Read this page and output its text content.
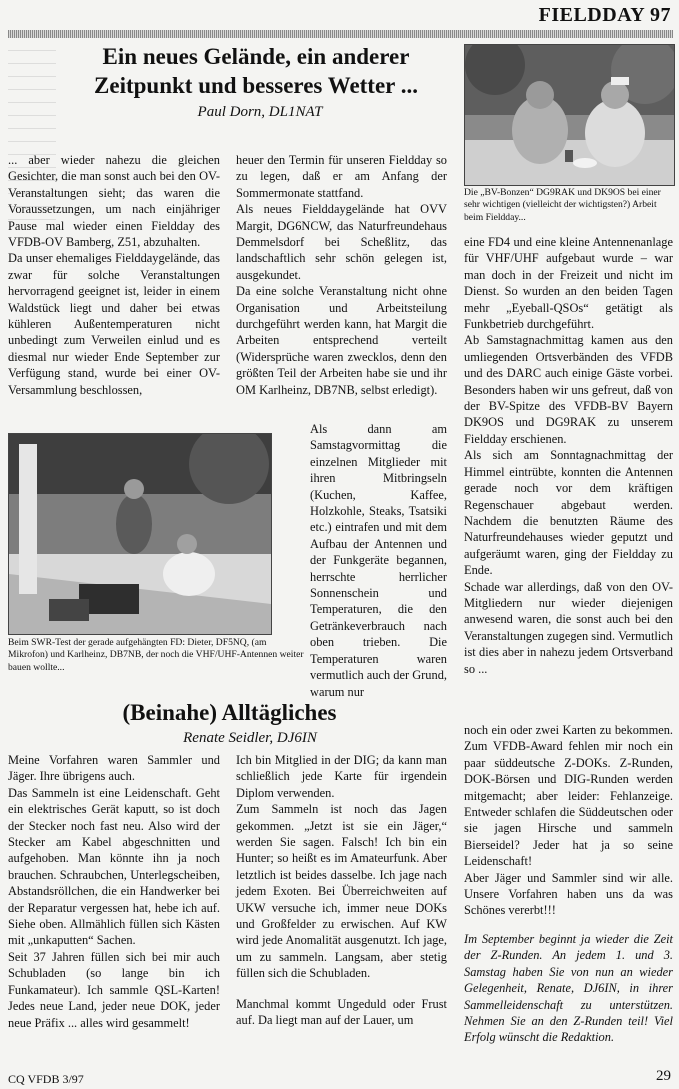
FIELDDAY 97
Ein neues Gelände, ein anderer
Zeitpunkt und besseres Wetter ...
Paul Dorn, DL1NAT
Die „BV-Bonzen“ DG9RAK und DK9OS bei einer sehr wichtigen (vielleicht der wichtigsten?) Arbeit beim Fieldday...

... aber wieder nahezu die gleichen Gesichter, die man sonst auch bei den OV-Veranstaltungen sieht; das waren die Voraussetzungen, um nach einjähriger Pause mal wieder einen Fieldday des VFDB-OV Bamberg, Z51, abzuhalten.

Da unser ehemaliges Fielddaygelände, das zwar für solche Veranstaltungen hervorragend geeignet ist, leider in einem Waldstück liegt und daher bei etwas kühleren Außentemperaturen nicht unbedingt zum Verweilen einlud und es diesmal nur wieder Ende September zur Verfügung stand, wurde bei einer OV-Versammlung beschlossen,

heuer den Termin für unseren Fieldday so zu legen, daß er am Anfang der Sommermonate stattfand.

Als neues Fielddaygelände hat OVV Margit, DG6NCW, das Naturfreundehaus Demmelsdorf bei Scheßlitz, das landschaftlich sehr schön gelegen ist, ausgekundet.

Da eine solche Veranstaltung nicht ohne Organisation und Arbeitsteilung durchgeführt werden kann, hat Margit die Arbeiten entsprechend verteilt (Widersprüche waren zwecklos, denn den größten Teil der Arbeiten habe sie und ihr OM Karlheinz, DB7NB, selbst erledigt).

Beim SWR-Test der gerade aufgehängten FD: Dieter, DF5NQ, (am Mikrofon) und Karlheinz, DB7NB, der noch die VHF/UHF-Antennen weiter bauen wollte...

Als dann am Samstagvormittag die einzelnen Mitglieder mit ihren Mitbringseln (Kuchen, Kaffee, Holzkohle, Steaks, Tsatsiki etc.) eintrafen und mit dem Aufbau der Antennen und der Funkgeräte begannen, herrschte herrlicher Sonnenschein und Temperaturen, die den Getränkeverbrauch nach oben trieben. Die Temperaturen waren vermutlich auch der Grund, warum nur

eine FD4 und eine kleine Antennenanlage für VHF/UHF aufgebaut wurde – war man doch in der Freizeit und nicht im Dienst. So wurden an den beiden Tagen mehr „Eyeball-QSOs“ getätigt als Funkbetrieb durchgeführt.

Ab Samstagnachmittag kamen aus den umliegenden Ortsverbänden des VFDB und des DARC auch einige Gäste vorbei. Besonders haben wir uns gefreut, daß von der BV-Spitze des VFDB-BV Bayern DK9OS und DG9RAK zu unserem Fieldday erschienen.

Als sich am Sonntagnachmittag der Himmel eintrübte, konnten die Antennen gerade noch vor dem kräftigen Regenschauer abgebaut werden. Nachdem die benutzten Räume des Naturfreundehauses wieder geputzt und aufgeräumt waren, ging der Fieldday zu Ende.

Schade war allerdings, daß von den OV-Mitgliedern nur wieder diejenigen anwesend waren, die sonst auch bei den Veranstaltungen zugegen sind. Vermutlich ist dies aber in nahezu jedem Ortsverband so ...

(Beinahe) Alltägliches
Renate Seidler, DJ6IN

Meine Vorfahren waren Sammler und Jäger. Ihre übrigens auch.

Das Sammeln ist eine Leidenschaft. Geht ein elektrisches Gerät kaputt, so ist doch der Stecker noch fast neu. Also wird der Stecker am Kabel abgeschnitten und aufgehoben. Man könnte ihn ja noch brauchen. Schraubchen, Unterlegscheiben, Abstandsröllchen, die ein Handwerker bei der Reparatur vergessen hat, hebe ich auf. Siehe oben. Allmählich füllen sich Kästen mit „unkaputten“ Sachen.

Seit 37 Jahren füllen sich bei mir auch Schubladen (so lange bin ich Funkamateur). Ich sammle QSL-Karten! Jedes neue Land, jeder neue DOK, jeder neue Präfix ... alles wird gesammelt!

Ich bin Mitglied in der DIG; da kann man schließlich jede Karte für irgendein Diplom verwenden.

Zum Sammeln ist noch das Jagen gekommen. „Jetzt ist sie ein Jäger,“ werden Sie sagen. Falsch! Ich bin ein Hunter; so heißt es im Amateurfunk. Aber letztlich ist beides dasselbe. Ich jage nach jedem Exoten. Bei Überreichweiten auf UKW versuche ich, immer neue DOKs und Großfelder zu erwischen. Auf KW wird jede Anomalität ausgenutzt. Ich jage, um zu sammeln. Langsam, aber stetig füllen sich die Schubladen.

Manchmal kommt Ungeduld oder Frust auf. Da liegt man auf der Lauer, um

noch ein oder zwei Karten zu bekommen. Zum VFDB-Award fehlen mir noch ein paar süddeutsche Z-DOKs. Z-Runden, DOK-Börsen und DIG-Runden werden mitgemacht; aber leider: Fehlanzeige. Entweder schlafen die Süddeutschen oder sie jagen Hirsche und sammeln Bierseidel? Jeder hat ja so seine Leidenschaft!

Aber Jäger und Sammler sind wir alle. Unsere Vorfahren haben uns da was Schönes vererbt!!!

Im September beginnt ja wieder die Zeit der Z-Runden. An jedem 1. und 3. Samstag haben Sie von nun an wieder Gelegenheit, Renate, DJ6IN, in ihrer Sammelleidenschaft zu unterstützen. Nehmen Sie an den Z-Runden teil! Viel Erfolg wünscht die Redaktion.

CQ VFDB 3/97	29
